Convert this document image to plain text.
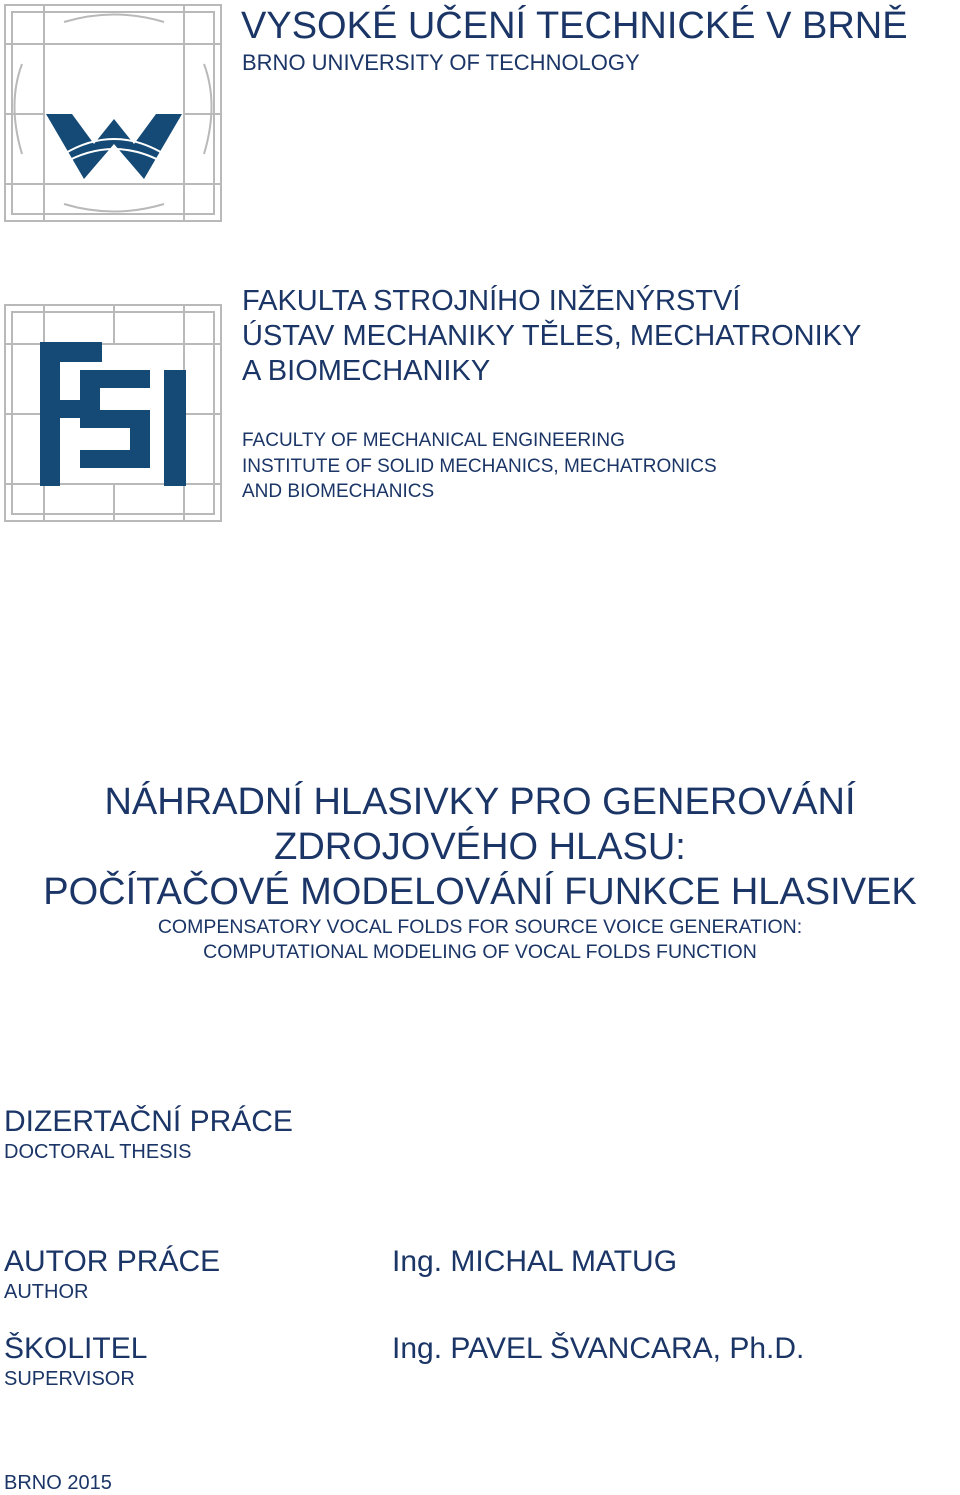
VYSOKÉ UČENÍ TECHNICKÉ V BRNĚ
BRNO UNIVERSITY OF TECHNOLOGY
FAKULTA STROJNÍHO INŽENÝRSTVÍ
ÚSTAV MECHANIKY TĚLES, MECHATRONIKY
A BIOMECHANIKY
FACULTY OF MECHANICAL ENGINEERING
INSTITUTE OF SOLID MECHANICS, MECHATRONICS
AND BIOMECHANICS
NÁHRADNÍ HLASIVKY PRO GENEROVÁNÍ
ZDROJOVÉHO HLASU:
POČÍTAČOVÉ MODELOVÁNÍ FUNKCE HLASIVEK
COMPENSATORY VOCAL FOLDS FOR SOURCE VOICE GENERATION:
COMPUTATIONAL MODELING OF VOCAL FOLDS FUNCTION
DIZERTAČNÍ PRÁCE
DOCTORAL THESIS
AUTOR PRÁCE
AUTHOR
Ing. MICHAL MATUG
ŠKOLITEL
SUPERVISOR
Ing. PAVEL ŠVANCARA, Ph.D.
BRNO 2015
